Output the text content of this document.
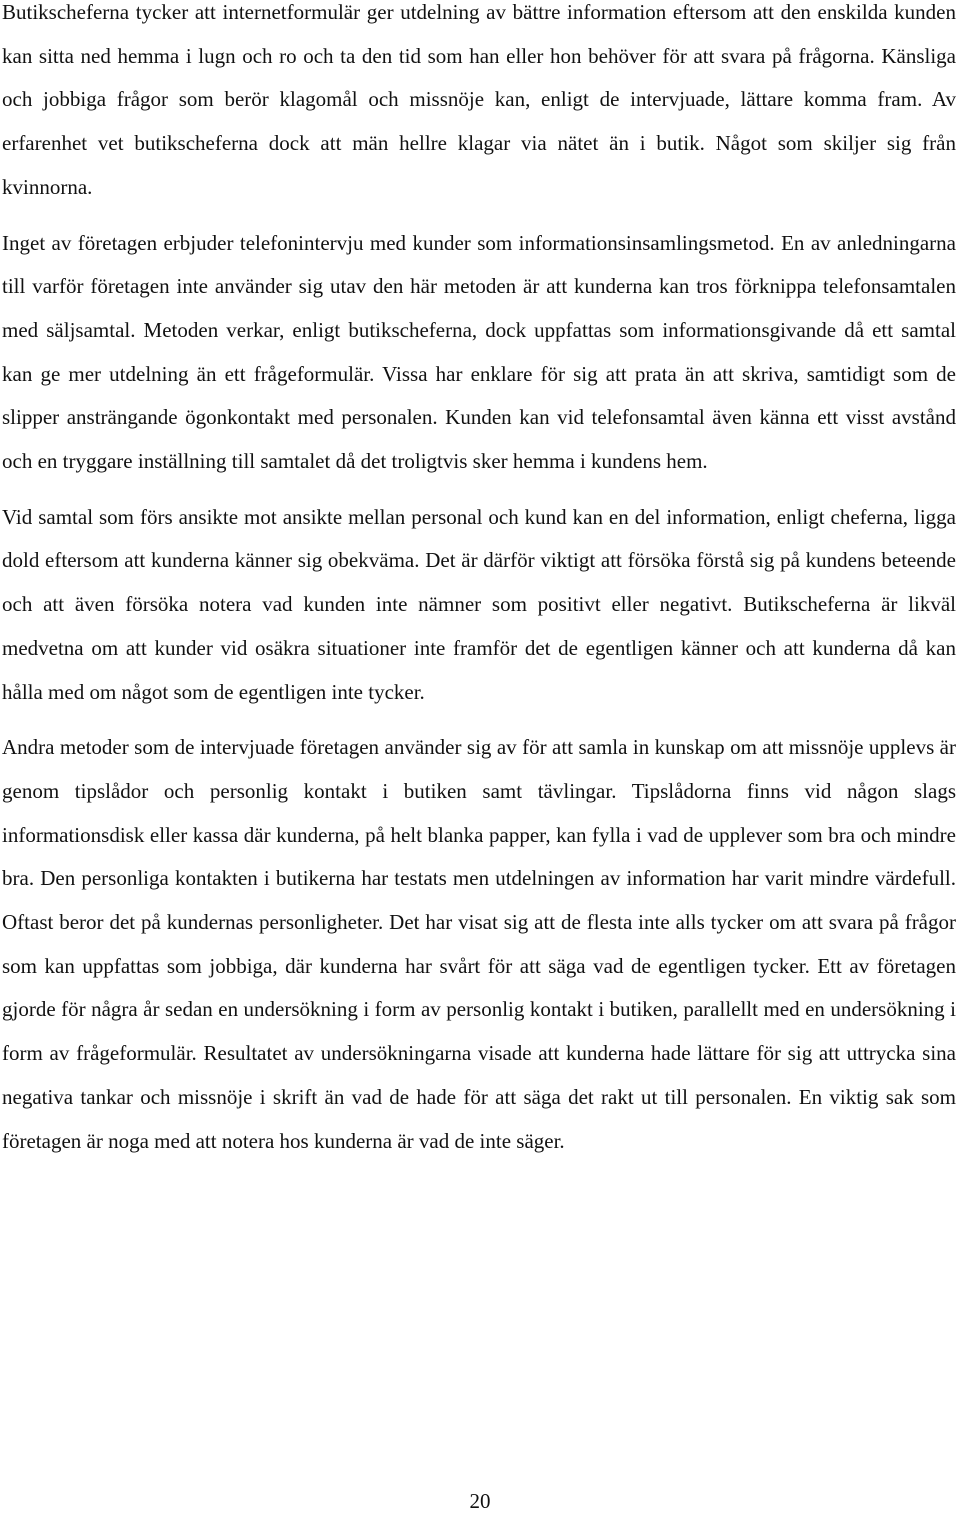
Butikscheferna tycker att internetformulär ger utdelning av bättre information eftersom att den enskilda kunden kan sitta ned hemma i lugn och ro och ta den tid som han eller hon behöver för att svara på frågorna. Känsliga och jobbiga frågor som berör klagomål och missnöje kan, enligt de intervjuade, lättare komma fram. Av erfarenhet vet butikscheferna dock att män hellre klagar via nätet än i butik. Något som skiljer sig från kvinnorna.

Inget av företagen erbjuder telefonintervju med kunder som informationsinsamlingsmetod. En av anledningarna till varför företagen inte använder sig utav den här metoden är att kunderna kan tros förknippa telefonsamtalen med säljsamtal. Metoden verkar, enligt butikscheferna, dock uppfattas som informationsgivande då ett samtal kan ge mer utdelning än ett frågeformulär. Vissa har enklare för sig att prata än att skriva, samtidigt som de slipper ansträngande ögonkontakt med personalen. Kunden kan vid telefonsamtal även känna ett visst avstånd och en tryggare inställning till samtalet då det troligtvis sker hemma i kundens hem.

Vid samtal som förs ansikte mot ansikte mellan personal och kund kan en del information, enligt cheferna, ligga dold eftersom att kunderna känner sig obekväma. Det är därför viktigt att försöka förstå sig på kundens beteende och att även försöka notera vad kunden inte nämner som positivt eller negativt. Butikscheferna är likväl medvetna om att kunder vid osäkra situationer inte framför det de egentligen känner och att kunderna då kan hålla med om något som de egentligen inte tycker.

Andra metoder som de intervjuade företagen använder sig av för att samla in kunskap om att missnöje upplevs är genom tipslådor och personlig kontakt i butiken samt tävlingar. Tipslådorna finns vid någon slags informationsdisk eller kassa där kunderna, på helt blanka papper, kan fylla i vad de upplever som bra och mindre bra. Den personliga kontakten i butikerna har testats men utdelningen av information har varit mindre värdefull. Oftast beror det på kundernas personligheter. Det har visat sig att de flesta inte alls tycker om att svara på frågor som kan uppfattas som jobbiga, där kunderna har svårt för att säga vad de egentligen tycker. Ett av företagen gjorde för några år sedan en undersökning i form av personlig kontakt i butiken, parallellt med en undersökning i form av frågeformulär. Resultatet av undersökningarna visade att kunderna hade lättare för sig att uttrycka sina negativa tankar och missnöje i skrift än vad de hade för att säga det rakt ut till personalen. En viktig sak som företagen är noga med att notera hos kunderna är vad de inte säger.

20
